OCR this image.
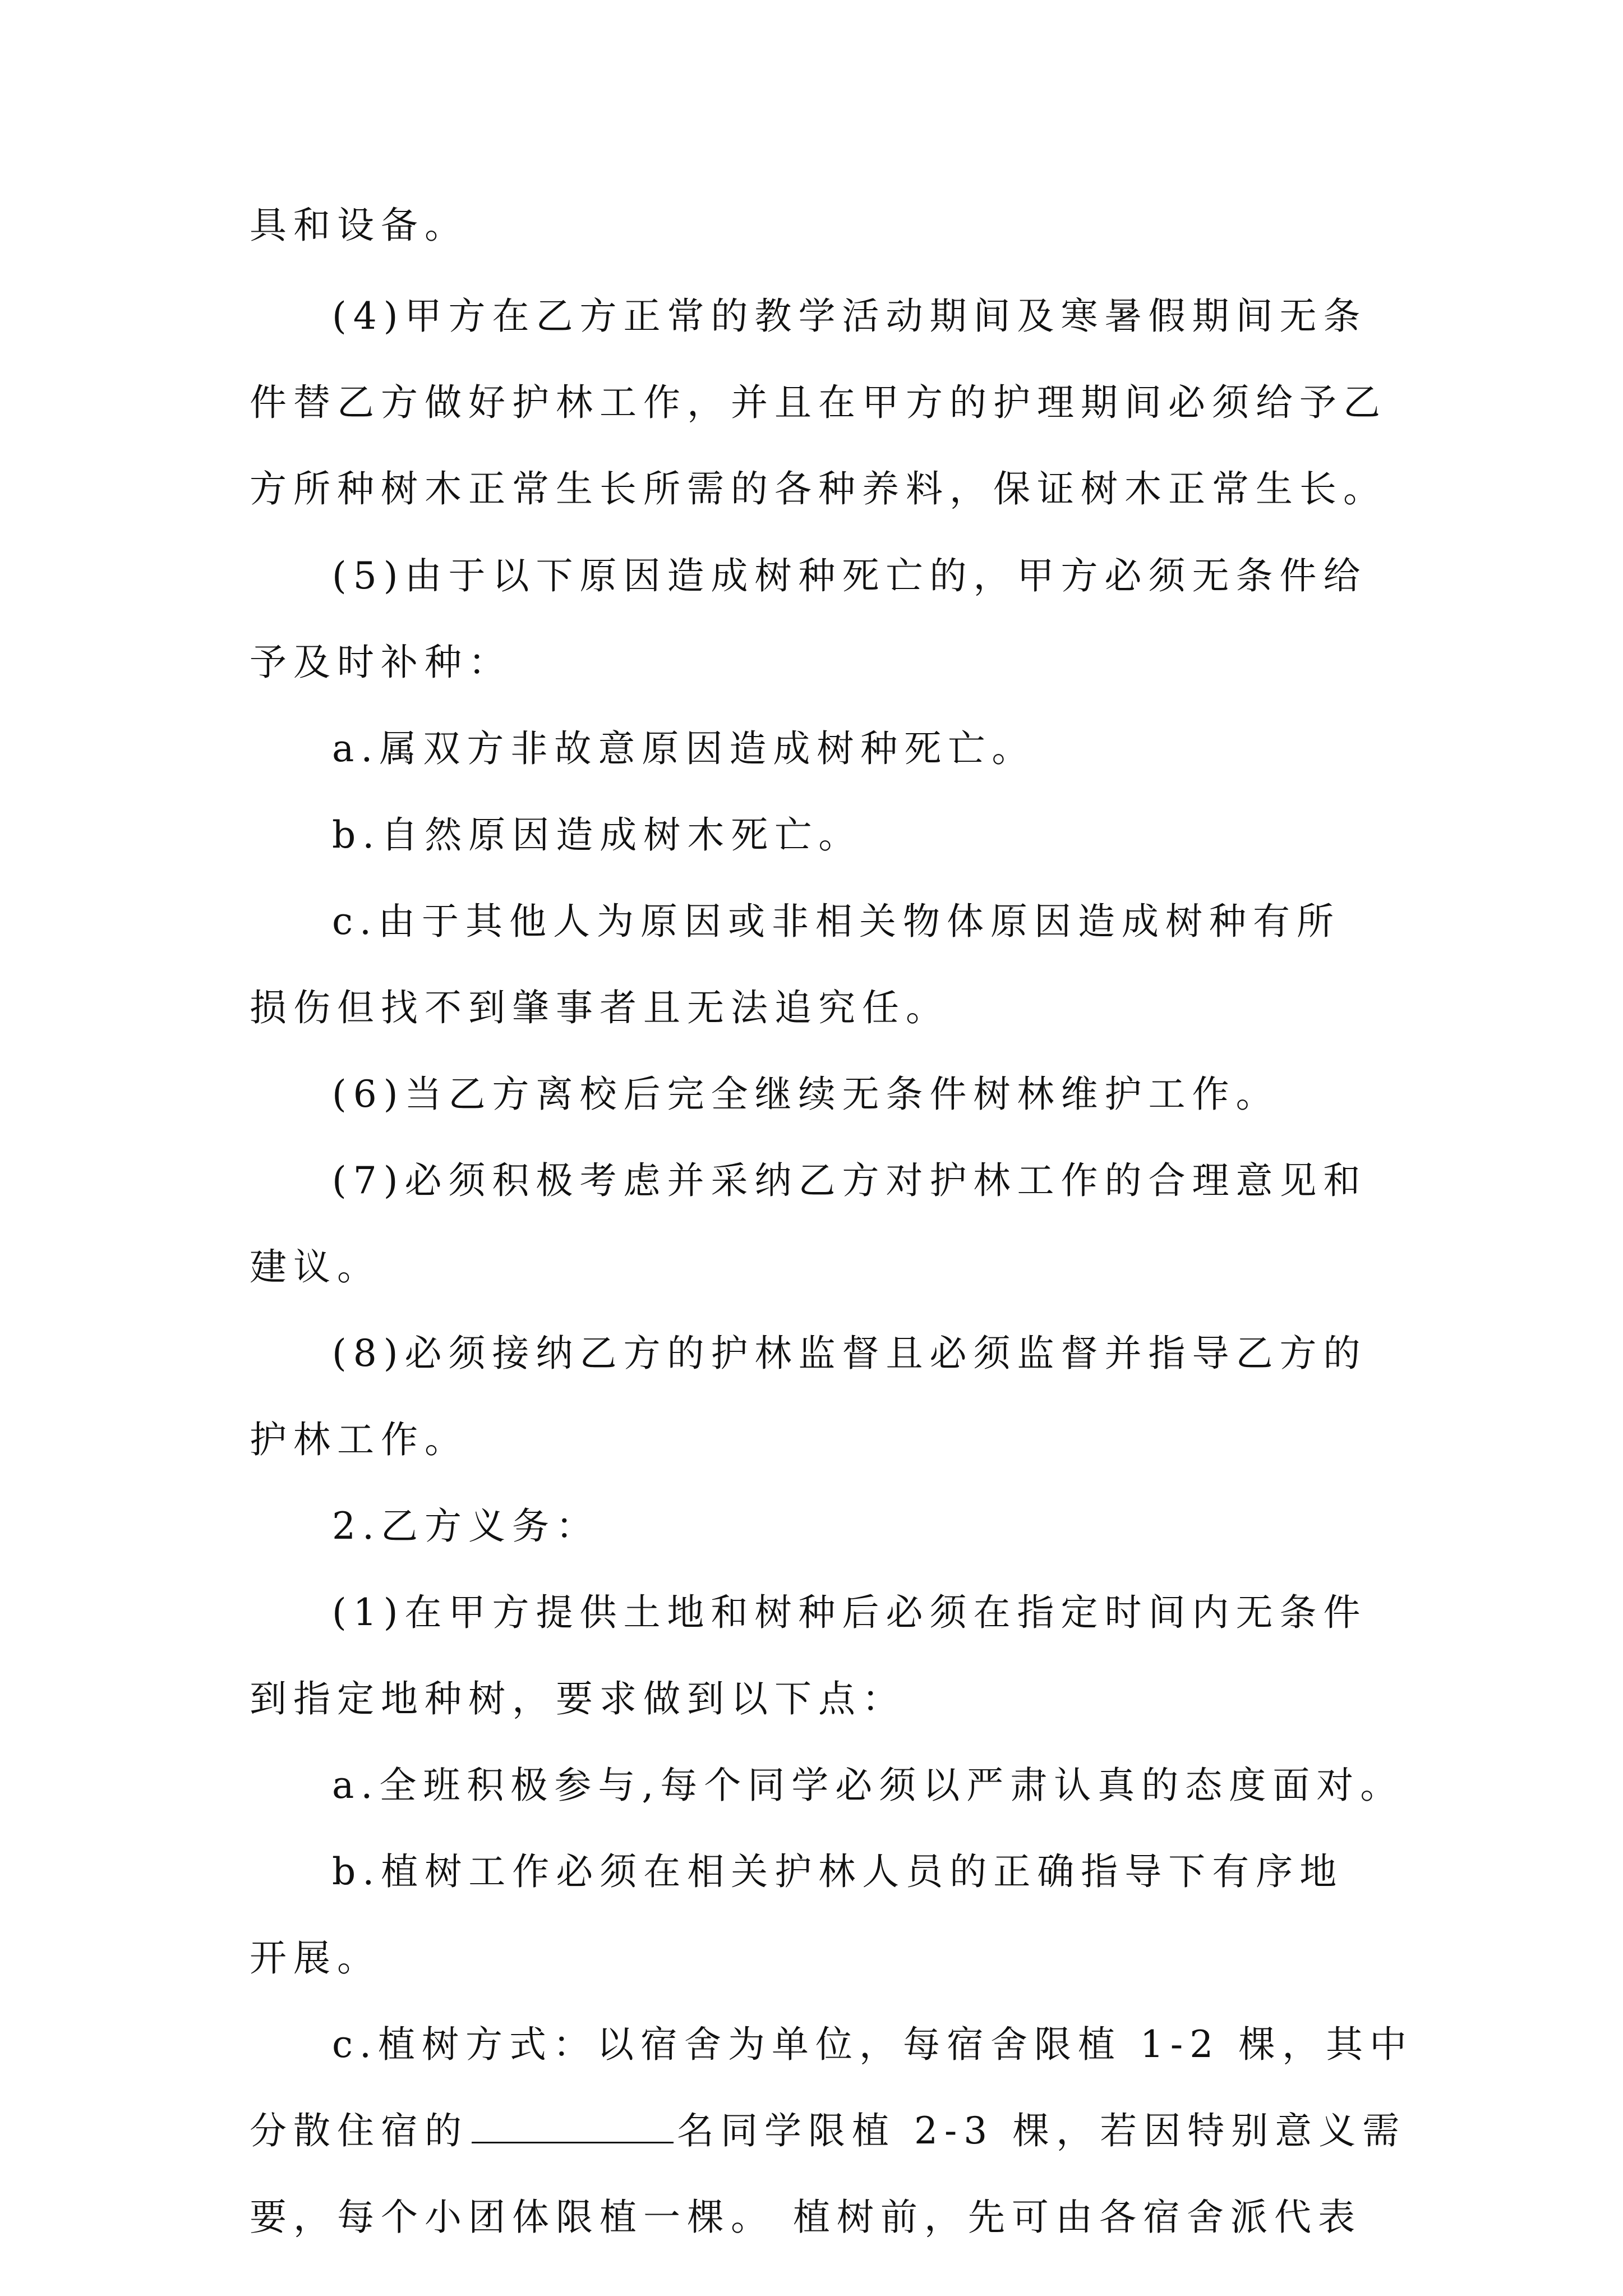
具和设备。

(4)甲方在乙方正常的教学活动期间及寒暑假期间无条

件替乙方做好护林工作，并且在甲方的护理期间必须给予乙

方所种树木正常生长所需的各种养料，保证树木正常生长。

(5)由于以下原因造成树种死亡的，甲方必须无条件给

予及时补种：

a.属双方非故意原因造成树种死亡。

b.自然原因造成树木死亡。

c.由于其他人为原因或非相关物体原因造成树种有所

损伤但找不到肇事者且无法追究任。

(6)当乙方离校后完全继续无条件树林维护工作。

(7)必须积极考虑并采纳乙方对护林工作的合理意见和

建议。

(8)必须接纳乙方的护林监督且必须监督并指导乙方的

护林工作。

2.乙方义务：

(1)在甲方提供土地和树种后必须在指定时间内无条件

到指定地种树，要求做到以下点：

a.全班积极参与,每个同学必须以严肃认真的态度面对。

b.植树工作必须在相关护林人员的正确指导下有序地

开展。

c.植树方式：以宿舍为单位，每宿舍限植 1-2 棵，其中

分散住宿的	名同学限植 2-3 棵，若因特别意义需

要，每个小团体限植一棵。 植树前，先可由各宿舍派代表
